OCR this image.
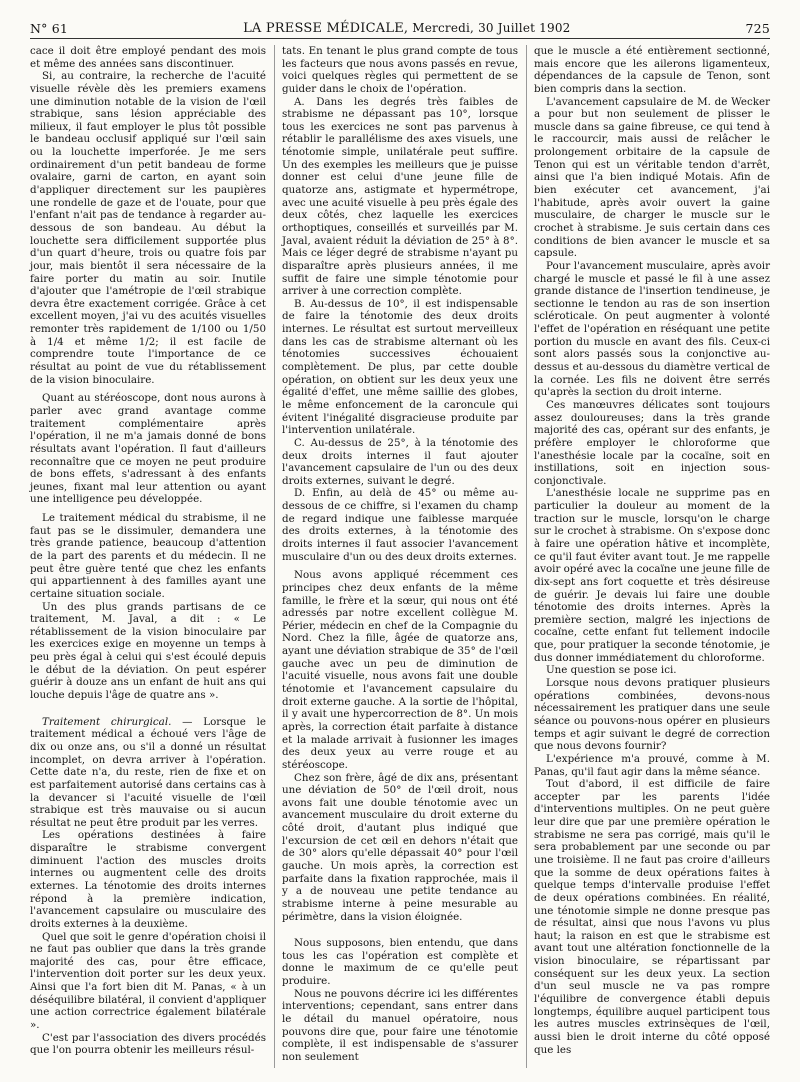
N° 61	LA PRESSE MÉDICALE, Mercredi, 30 Juillet 1902	725

cace il doit être employé pendant des mois et même des années sans discontinuer.

Si, au contraire, la recherche de l'acuité visuelle révèle dès les premiers examens une diminution notable de la vision de l'œil strabique, sans lésion appréciable des milieux, il faut employer le plus tôt possible le bandeau occlusif appliqué sur l'œil sain ou la louchette imperforée. Je me sers ordinairement d'un petit bandeau de forme ovalaire, garni de carton, en ayant soin d'appliquer directement sur les paupières une rondelle de gaze et de l'ouate, pour que l'enfant n'ait pas de tendance à regarder au-dessous de son bandeau. Au début la louchette sera difficilement supportée plus d'un quart d'heure, trois ou quatre fois par jour, mais bientôt il sera nécessaire de la faire porter du matin au soir. Inutile d'ajouter que l'amétropie de l'œil strabique devra être exactement corrigée. Grâce à cet excellent moyen, j'ai vu des acuités visuelles remonter très rapidement de 1/100 ou 1/50 à 1/4 et même 1/2; il est facile de comprendre toute l'importance de ce résultat au point de vue du rétablissement de la vision binoculaire.

Quant au stéréoscope, dont nous aurons à parler avec grand avantage comme traitement complémentaire après l'opération, il ne m'a jamais donné de bons résultats avant l'opération. Il faut d'ailleurs reconnaître que ce moyen ne peut produire de bons effets, s'adressant à des enfants jeunes, fixant mal leur attention ou ayant une intelligence peu développée.

Le traitement médical du strabisme, il ne faut pas se le dissimuler, demandera une très grande patience, beaucoup d'attention de la part des parents et du médecin. Il ne peut être guère tenté que chez les enfants qui appartiennent à des familles ayant une certaine situation sociale.

Un des plus grands partisans de ce traitement, M. Javal, a dit : « Le rétablissement de la vision binoculaire par les exercices exige en moyenne un temps à peu près égal à celui qui s'est écoulé depuis le début de la déviation. On peut espérer guérir à douze ans un enfant de huit ans qui louche depuis l'âge de quatre ans ».

Traitement chirurgical. — Lorsque le traitement médical a échoué vers l'âge de dix ou onze ans, ou s'il a donné un résultat incomplet, on devra arriver à l'opération. Cette date n'a, du reste, rien de fixe et on est parfaitement autorisé dans certains cas à la devancer si l'acuité visuelle de l'œil strabique est très mauvaise ou si aucun résultat ne peut être produit par les verres.

Les opérations destinées à faire disparaître le strabisme convergent diminuent l'action des muscles droits internes ou augmentent celle des droits externes. La ténotomie des droits internes répond à la première indication, l'avancement capsulaire ou musculaire des droits externes à la deuxième.

Quel que soit le genre d'opération choisi il ne faut pas oublier que dans la très grande majorité des cas, pour être efficace, l'intervention doit porter sur les deux yeux. Ainsi que l'a fort bien dit M. Panas, « à un déséquilibre bilatéral, il convient d'appliquer une action correctrice également bilatérale ».

C'est par l'association des divers procédés que l'on pourra obtenir les meilleurs résul-

tats. En tenant le plus grand compte de tous les facteurs que nous avons passés en revue, voici quelques règles qui permettent de se guider dans le choix de l'opération.

A. Dans les degrés très faibles de strabisme ne dépassant pas 10°, lorsque tous les exercices ne sont pas parvenus à rétablir le parallélisme des axes visuels, une ténotomie simple, unilatérale peut suffire. Un des exemples les meilleurs que je puisse donner est celui d'une jeune fille de quatorze ans, astigmate et hypermétrope, avec une acuité visuelle à peu près égale des deux côtés, chez laquelle les exercices orthoptiques, conseillés et surveillés par M. Javal, avaient réduit la déviation de 25° à 8°. Mais ce léger degré de strabisme n'ayant pu disparaître après plusieurs années, il me suffit de faire une simple ténotomie pour arriver à une correction complète.

B. Au-dessus de 10°, il est indispensable de faire la ténotomie des deux droits internes. Le résultat est surtout merveilleux dans les cas de strabisme alternant où les ténotomies successives échouaient complètement. De plus, par cette double opération, on obtient sur les deux yeux une égalité d'effet, une même saillie des globes, le même enfoncement de la caroncule qui évitent l'inégalité disgracieuse produite par l'intervention unilatérale.

C. Au-dessus de 25°, à la ténotomie des deux droits internes il faut ajouter l'avancement capsulaire de l'un ou des deux droits externes, suivant le degré.

D. Enfin, au delà de 45° ou même au-dessous de ce chiffre, si l'examen du champ de regard indique une faiblesse marquée des droits externes, à la ténotomie des droits internes il faut associer l'avancement musculaire d'un ou des deux droits externes.

Nous avons appliqué récemment ces principes chez deux enfants de la même famille, le frère et la sœur, qui nous ont été adressés par notre excellent collègue M. Périer, médecin en chef de la Compagnie du Nord. Chez la fille, âgée de quatorze ans, ayant une déviation strabique de 35° de l'œil gauche avec un peu de diminution de l'acuité visuelle, nous avons fait une double ténotomie et l'avancement capsulaire du droit externe gauche. A la sortie de l'hôpital, il y avait une hypercorrection de 8°. Un mois après, la correction était parfaite à distance et la malade arrivait à fusionner les images des deux yeux au verre rouge et au stéréoscope.

Chez son frère, âgé de dix ans, présentant une déviation de 50° de l'œil droit, nous avons fait une double ténotomie avec un avancement musculaire du droit externe du côté droit, d'autant plus indiqué que l'excursion de cet œil en dehors n'était que de 30° alors qu'elle dépassait 40° pour l'œil gauche. Un mois après, la correction est parfaite dans la fixation rapprochée, mais il y a de nouveau une petite tendance au strabisme interne à peine mesurable au périmètre, dans la vision éloignée.

Nous supposons, bien entendu, que dans tous les cas l'opération est complète et donne le maximum de ce qu'elle peut produire.

Nous ne pouvons décrire ici les différentes interventions; cependant, sans entrer dans le détail du manuel opératoire, nous pouvons dire que, pour faire une ténotomie complète, il est indispensable de s'assurer non seulement

que le muscle a été entièrement sectionné, mais encore que les ailerons ligamenteux, dépendances de la capsule de Tenon, sont bien compris dans la section.

L'avancement capsulaire de M. de Wecker a pour but non seulement de plisser le muscle dans sa gaine fibreuse, ce qui tend à le raccourcir, mais aussi de relâcher le prolongement orbitaire de la capsule de Tenon qui est un véritable tendon d'arrêt, ainsi que l'a bien indiqué Motais. Afin de bien exécuter cet avancement, j'ai l'habitude, après avoir ouvert la gaine musculaire, de charger le muscle sur le crochet à strabisme. Je suis certain dans ces conditions de bien avancer le muscle et sa capsule.

Pour l'avancement musculaire, après avoir chargé le muscle et passé le fil à une assez grande distance de l'insertion tendineuse, je sectionne le tendon au ras de son insertion scléroticale. On peut augmenter à volonté l'effet de l'opération en réséquant une petite portion du muscle en avant des fils. Ceux-ci sont alors passés sous la conjonctive au-dessus et au-dessous du diamètre vertical de la cornée. Les fils ne doivent être serrés qu'après la section du droit interne.

Ces manœuvres délicates sont toujours assez douloureuses; dans la très grande majorité des cas, opérant sur des enfants, je préfère employer le chloroforme que l'anesthésie locale par la cocaïne, soit en instillations, soit en injection sous-conjonctivale.

L'anesthésie locale ne supprime pas en particulier la douleur au moment de la traction sur le muscle, lorsqu'on le charge sur le crochet à strabisme. On s'expose donc à faire une opération hâtive et incomplète, ce qu'il faut éviter avant tout. Je me rappelle avoir opéré avec la cocaïne une jeune fille de dix-sept ans fort coquette et très désireuse de guérir. Je devais lui faire une double ténotomie des droits internes. Après la première section, malgré les injections de cocaïne, cette enfant fut tellement indocile que, pour pratiquer la seconde ténotomie, je dus donner immédiatement du chloroforme.

Une question se pose ici.

Lorsque nous devons pratiquer plusieurs opérations combinées, devons-nous nécessairement les pratiquer dans une seule séance ou pouvons-nous opérer en plusieurs temps et agir suivant le degré de correction que nous devons fournir?

L'expérience m'a prouvé, comme à M. Panas, qu'il faut agir dans la même séance.

Tout d'abord, il est difficile de faire accepter par les parents l'idée d'interventions multiples. On ne peut guère leur dire que par une première opération le strabisme ne sera pas corrigé, mais qu'il le sera probablement par une seconde ou par une troisième. Il ne faut pas croire d'ailleurs que la somme de deux opérations faites à quelque temps d'intervalle produise l'effet de deux opérations combinées. En réalité, une ténotomie simple ne donne presque pas de résultat, ainsi que nous l'avons vu plus haut; la raison en est que le strabisme est avant tout une altération fonctionnelle de la vision binoculaire, se répartissant par conséquent sur les deux yeux. La section d'un seul muscle ne va pas rompre l'équilibre de convergence établi depuis longtemps, équilibre auquel participent tous les autres muscles extrinsèques de l'œil, aussi bien le droit interne du côté opposé que les
